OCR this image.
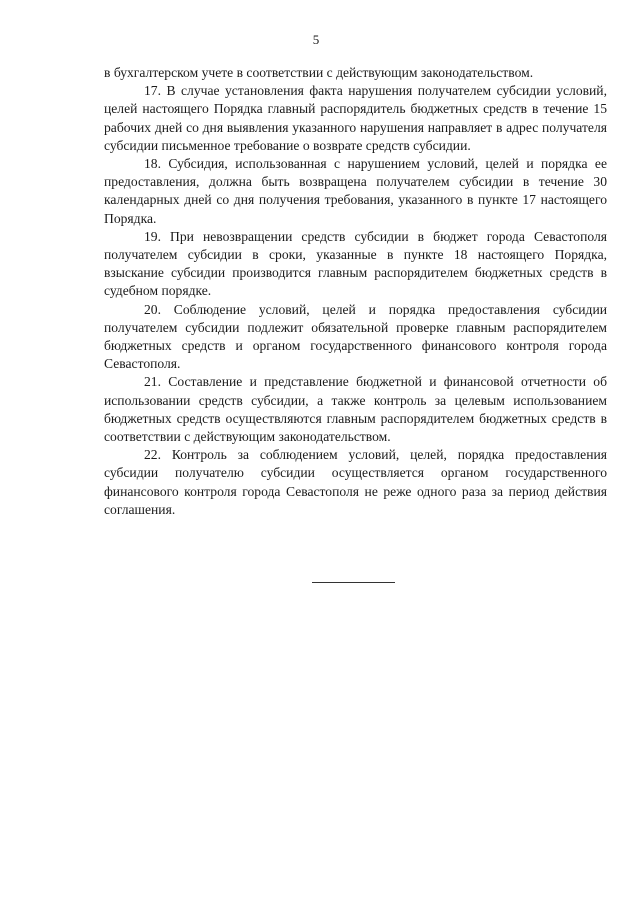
5

в бухгалтерском учете в соответствии с действующим законодательством.

17. В случае установления факта нарушения получателем субсидии условий, целей настоящего Порядка главный распорядитель бюджетных средств в течение 15 рабочих дней со дня выявления указанного нарушения направляет в адрес получателя субсидии письменное требование о возврате средств субсидии.

18. Субсидия, использованная с нарушением условий, целей и порядка ее предоставления, должна быть возвращена получателем субсидии в течение 30 календарных дней со дня получения требования, указанного в пункте 17 настоящего Порядка.

19. При невозвращении средств субсидии в бюджет города Севастополя получателем субсидии в сроки, указанные в пункте 18 настоящего Порядка, взыскание субсидии производится главным распорядителем бюджетных средств в судебном порядке.

20. Соблюдение условий, целей и порядка предоставления субсидии получателем субсидии подлежит обязательной проверке главным распорядителем бюджетных средств и органом государственного финансового контроля города Севастополя.

21. Составление и представление бюджетной и финансовой отчетности об использовании средств субсидии, а также контроль за целевым использованием бюджетных средств осуществляются главным распорядителем бюджетных средств в соответствии с действующим законодательством.

22. Контроль за соблюдением условий, целей, порядка предоставления субсидии получателю субсидии осуществляется органом государственного финансового контроля города Севастополя не реже одного раза за период действия соглашения.
